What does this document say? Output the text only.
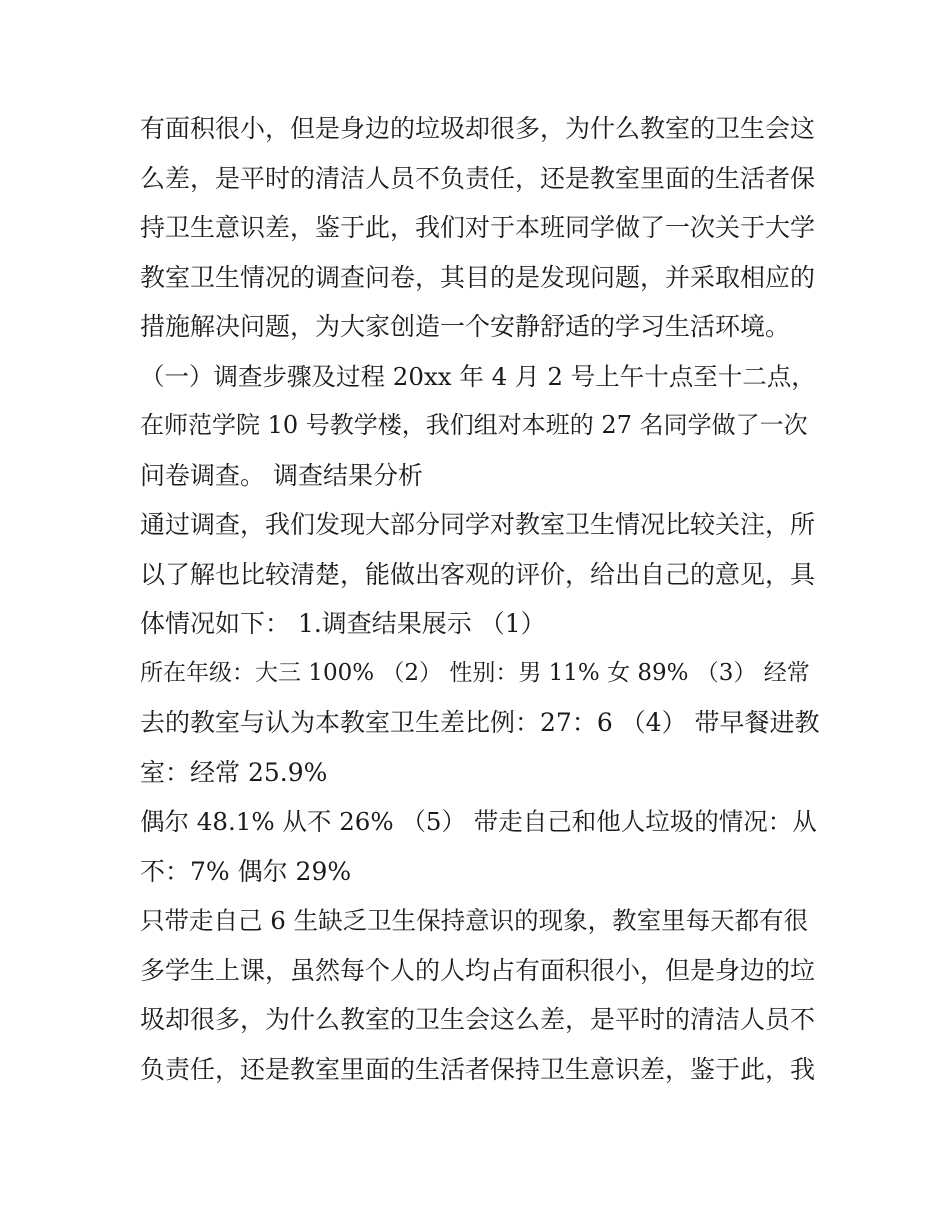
有面积很小，但是身边的垃圾却很多，为什么教室的卫生会这
么差，是平时的清洁人员不负责任，还是教室里面的生活者保
持卫生意识差，鉴于此，我们对于本班同学做了一次关于大学
教室卫生情况的调查问卷，其目的是发现问题，并采取相应的
措施解决问题，为大家创造一个安静舒适的学习生活环境。
（一）调查步骤及过程 20xx 年 4 月 2 号上午十点至十二点，
在师范学院 10 号教学楼，我们组对本班的 27 名同学做了一次
问卷调查。 调查结果分析
通过调查，我们发现大部分同学对教室卫生情况比较关注，所
以了解也比较清楚，能做出客观的评价，给出自己的意见，具
体情况如下： 1.调查结果展示 （1）
所在年级：大三 100% （2） 性别：男 11% 女 89% （3） 经常
去的教室与认为本教室卫生差比例：27：6 （4） 带早餐进教
室：经常 25.9%
偶尔 48.1% 从不 26% （5） 带走自己和他人垃圾的情况：从
不：7% 偶尔 29%
只带走自己 6 生缺乏卫生保持意识的现象，教室里每天都有很
多学生上课，虽然每个人的人均占有面积很小，但是身边的垃
圾却很多，为什么教室的卫生会这么差，是平时的清洁人员不
负责任，还是教室里面的生活者保持卫生意识差，鉴于此，我
